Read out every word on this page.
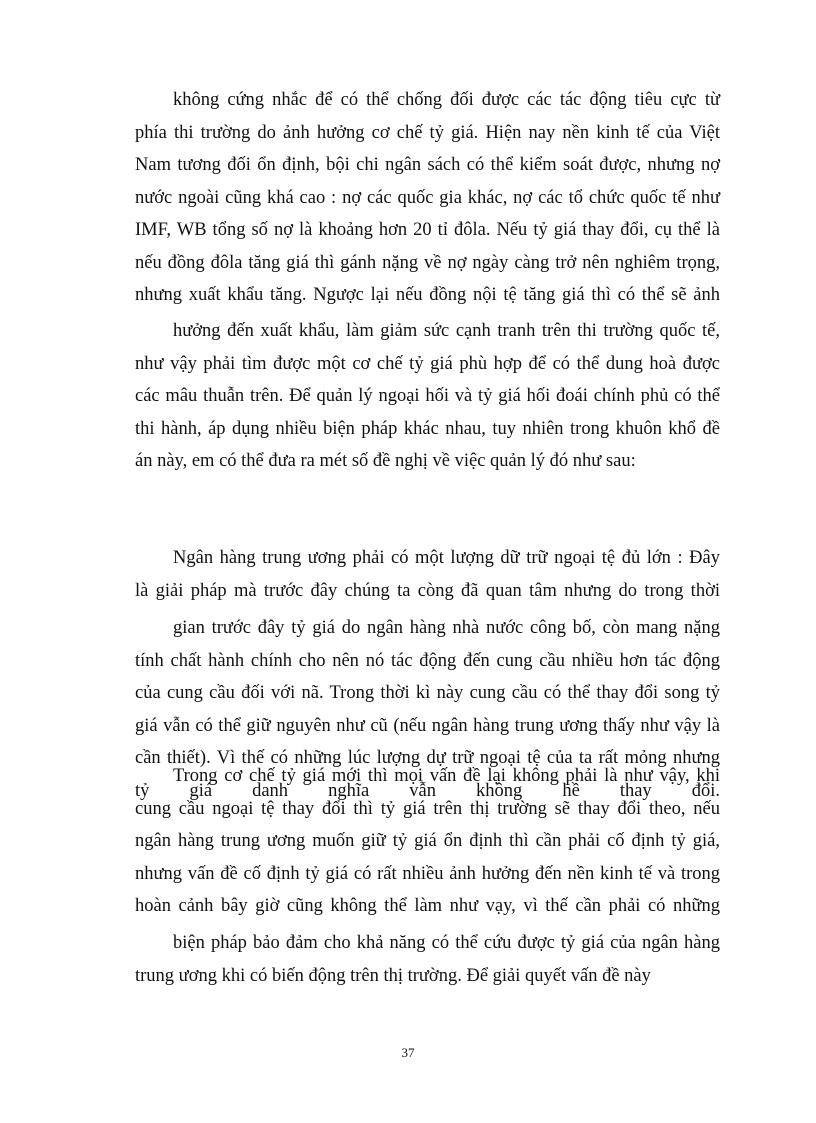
không cứng nhắc để có thể chống đối được các tác động tiêu cực từ
phía thi trường do ảnh hưởng cơ chế tỷ giá. Hiện nay nền kinh tế của Việt
Nam tương đối ổn định, bội chi ngân sách có thể kiểm soát được, nhưng nợ
nước ngoài cũng khá cao : nợ các quốc gia khác, nợ các tổ chức quốc tế như
IMF, WB tổng số nợ là khoảng hơn 20 tỉ đôla. Nếu tỷ giá thay đổi, cụ thể là
nếu đồng đôla tăng giá thì gánh nặng về nợ ngày càng trở nên nghiêm trọng,
nhưng xuất khẩu tăng. Ngược lại nếu đồng nội tệ tăng giá thì có thể sẽ ảnh
hưởng đến xuất khẩu, làm giảm sức cạnh tranh trên thi trường quốc tế,
như vậy phải tìm được một cơ chế tỷ giá phù hợp để có thể dung hoà được
các mâu thuẫn trên. Để quản lý ngoại hối và tỷ giá hối đoái chính phủ có thể
thi hành, áp dụng nhiều biện pháp khác nhau, tuy nhiên trong khuôn khổ đề
án này, em có thể đưa ra mét số đề nghị về việc quản lý đó như sau:
Ngân hàng trung ương phải có một lượng dữ trữ ngoại tệ đủ lớn : Đây
là giải pháp mà trước đây chúng ta còng đã quan tâm nhưng do trong thời
gian trước đây tỷ giá do ngân hàng nhà nước công bố, còn mang nặng
tính chất hành chính cho nên nó tác động đến cung cầu nhiều hơn tác động
của cung cầu đối với nã. Trong thời kì này cung cầu có thể thay đổi song tỷ
giá vẫn có thể giữ nguyên như cũ (nếu ngân hàng trung ương thấy như vậy là
cần thiết). Vì thế có những lúc lượng dự trữ ngoại tệ của ta rất mỏng nhưng
tỷ giá danh nghĩa vẫn không hề thay đổi.
Trong cơ chế tỷ giá mới thì mọi vấn đề lại không phải là như vậy, khi
cung cầu ngoại tệ thay đổi thì tỷ giá trên thị trường sẽ thay đổi theo, nếu
ngân hàng trung ương muốn giữ tỷ giá ổn định thì cần phải cố định tỷ giá,
nhưng vấn đề cố định tỷ giá có rất nhiều ảnh hưởng đến nền kinh tế và trong
hoàn cảnh bây giờ cũng không thể làm như vạy, vì thế cần phải có những
biện pháp bảo đảm cho khả năng có thể cứu được tỷ giá của ngân hàng
trung ương khi có biến động trên thị trường. Để giải quyết vấn đề này
37
